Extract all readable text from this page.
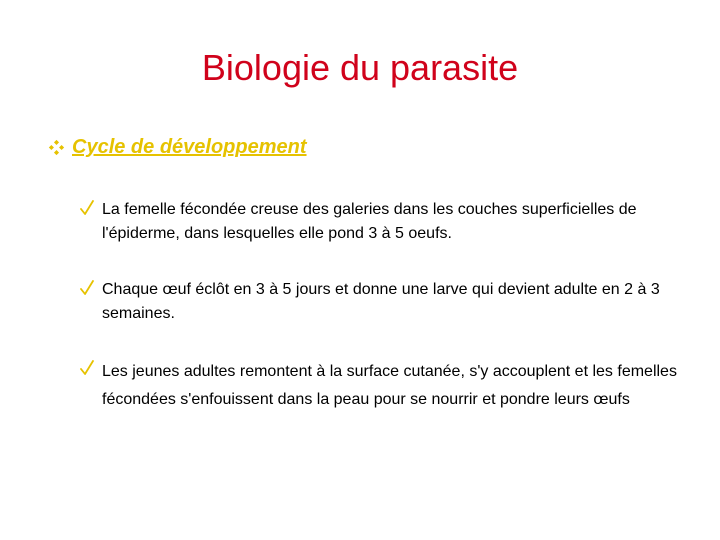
Biologie du parasite
Cycle de développement
La femelle fécondée creuse des galeries dans les couches superficielles de l'épiderme, dans lesquelles elle pond 3 à 5 oeufs.
Chaque œuf éclôt en 3 à 5 jours et donne une larve qui devient adulte en 2 à 3 semaines.
Les jeunes adultes remontent à la surface cutanée, s'y accouplent et les femelles fécondées s'enfouissent dans la peau pour se nourrir et pondre leurs œufs
